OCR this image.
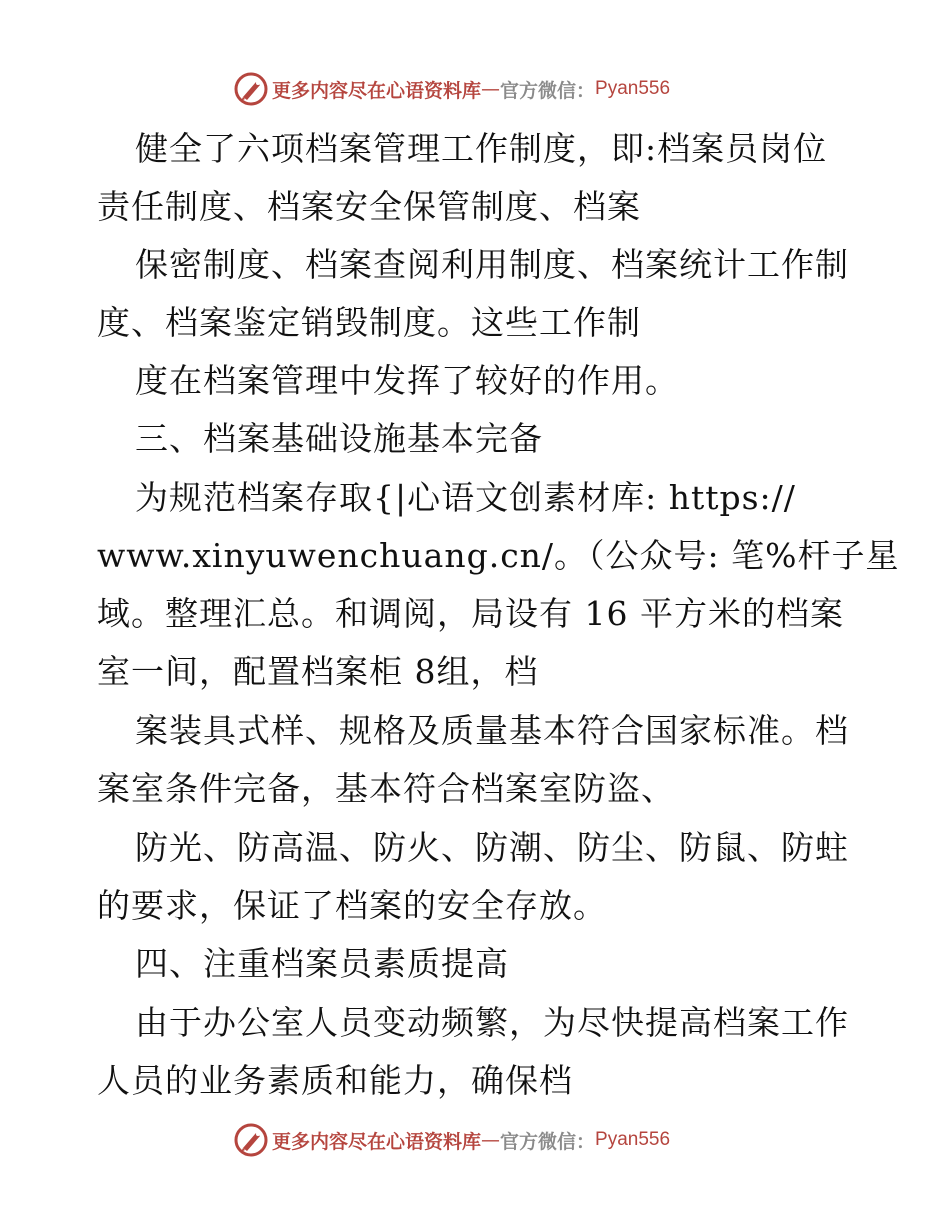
更多内容尽在心语资料库 — 官方微信： Pyan556
健全了六项档案管理工作制度，即:档案员岗位
责任制度、档案安全保管制度、档案
保密制度、档案查阅利用制度、档案统计工作制
度、档案鉴定销毁制度。这些工作制
度在档案管理中发挥了较好的作用。
三、档案基础设施基本完备
为规范档案存取{|心语文创素材库: https://
www.xinyuwenchuang.cn/。（公众号: 笔%杆子星
域。整理汇总。和调阅，局设有 16 平方米的档案
室一间，配置档案柜 8组，档
案装具式样、规格及质量基本符合国家标准。档
案室条件完备，基本符合档案室防盗、
防光、防高温、防火、防潮、防尘、防鼠、防蛀
的要求，保证了档案的安全存放。
四、注重档案员素质提高
由于办公室人员变动频繁，为尽快提高档案工作
人员的业务素质和能力，确保档
更多内容尽在心语资料库 — 官方微信： Pyan556
